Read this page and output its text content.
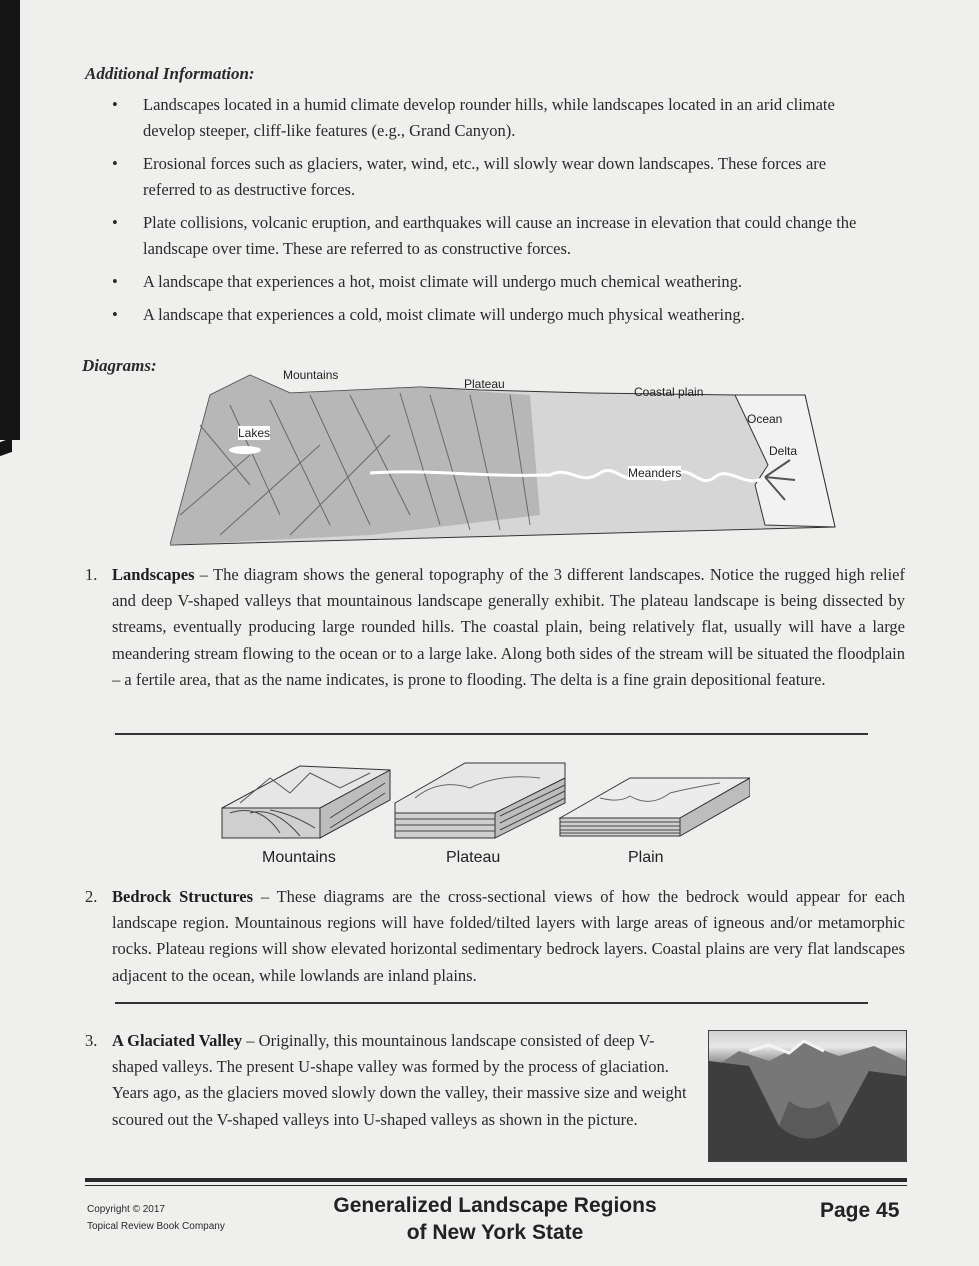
Additional Information:
• Landscapes located in a humid climate develop rounder hills, while landscapes located in an arid climate develop steeper, cliff-like features (e.g., Grand Canyon).
• Erosional forces such as glaciers, water, wind, etc., will slowly wear down landscapes. These forces are referred to as destructive forces.
• Plate collisions, volcanic eruption, and earthquakes will cause an increase in elevation that could change the landscape over time. These are referred to as constructive forces.
• A landscape that experiences a hot, moist climate will undergo much chemical weathering.
• A landscape that experiences a cold, moist climate will undergo much physical weathering.
Diagrams:	Mountains
Plateau
Coastal plain
Ocean
Delta
Lakes
Meanders
1. Landscapes – The diagram shows the general topography of the 3 different landscapes. Notice the rugged high relief and deep V-shaped valleys that mountainous landscape generally exhibit. The plateau landscape is being dissected by streams, eventually producing large rounded hills. The coastal plain, being relatively flat, usually will have a large meandering stream flowing to the ocean or to a large lake. Along both sides of the stream will be situated the floodplain – a fertile area, that as the name indicates, is prone to flooding. The delta is a fine grain depositional feature.
Mountains	Plateau	Plain
2. Bedrock Structures – These diagrams are the cross-sectional views of how the bedrock would appear for each landscape region. Mountainous regions will have folded/tilted layers with large areas of igneous and/or metamorphic rocks. Plateau regions will show elevated horizontal sedimentary bedrock layers. Coastal plains are very flat landscapes adjacent to the ocean, while lowlands are inland plains.
3. A Glaciated Valley – Originally, this mountainous landscape consisted of deep V-shaped valleys. The present U-shape valley was formed by the process of glaciation. Years ago, as the glaciers moved slowly down the valley, their massive size and weight scoured out the V-shaped valleys into U-shaped valleys as shown in the picture.
Copyright © 2017
Topical Review Book Company
Generalized Landscape Regions
of New York State
Page 45
